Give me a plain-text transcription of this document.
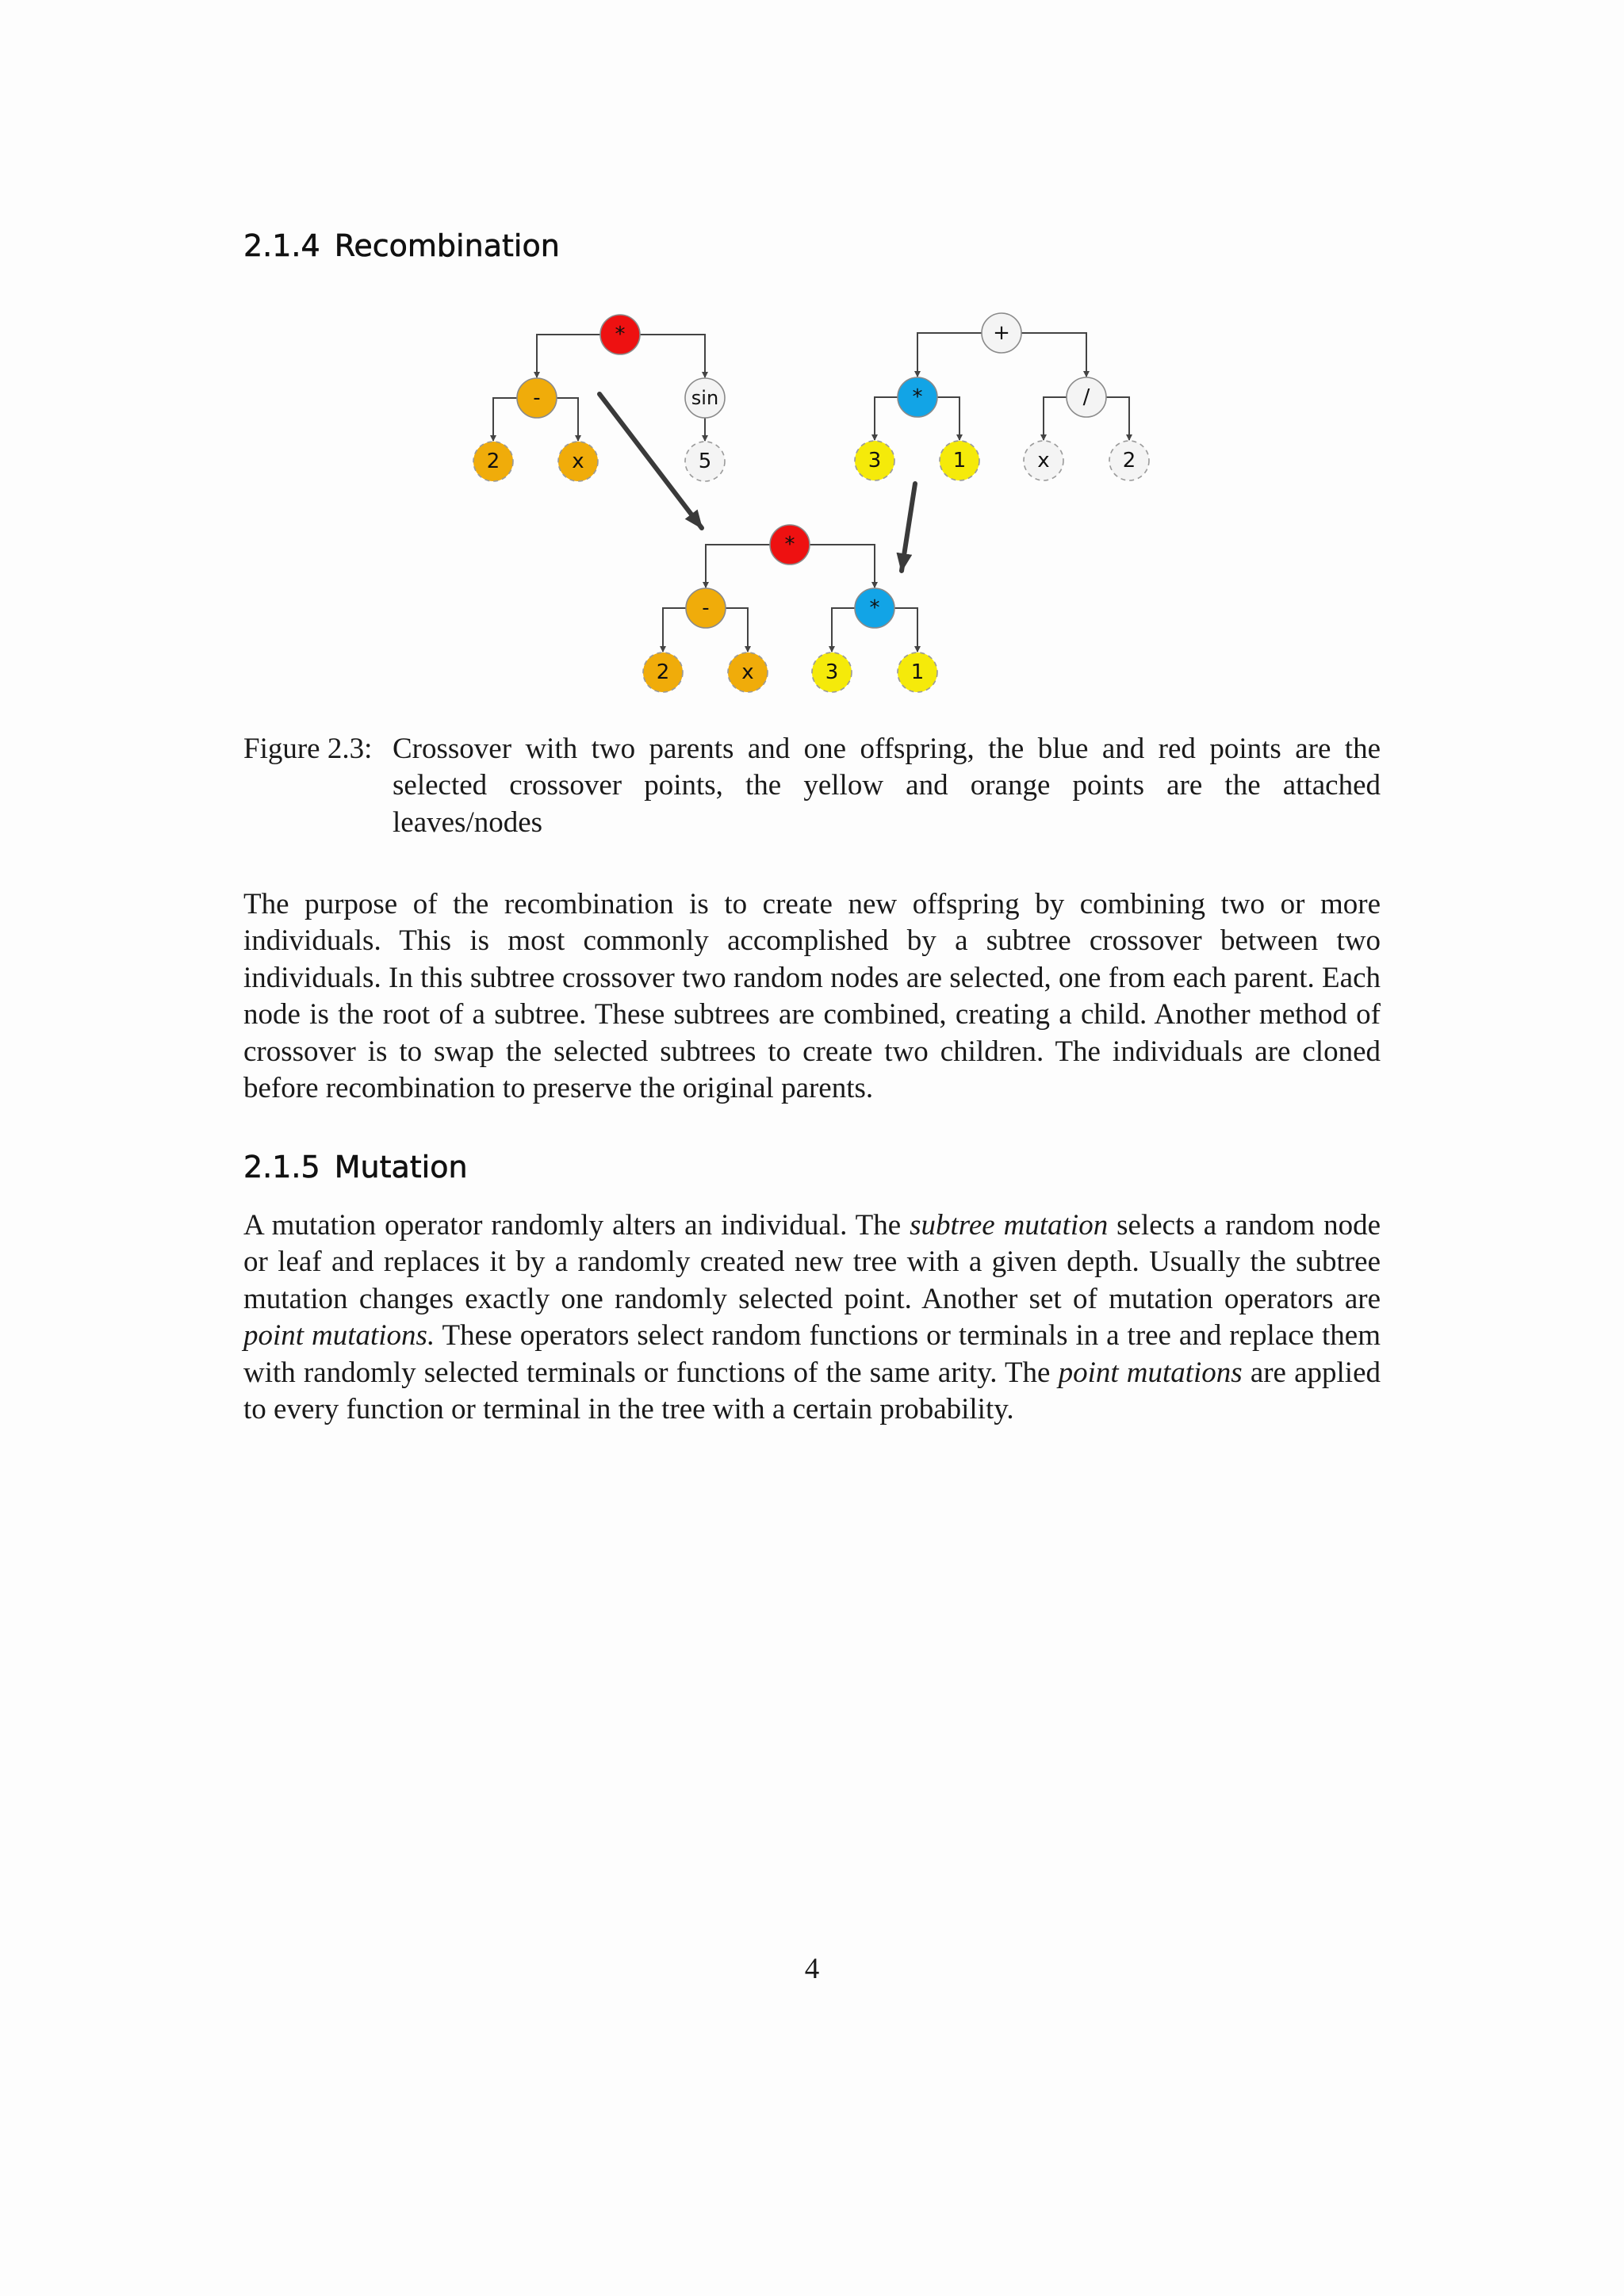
2.1.4 Recombination
*
-	sin
2	x	5
+
*	/
3	1	x	2
*
-	*
2	x	3	1
Figure 2.3: Crossover with two parents and one offspring, the blue and red points are the selected crossover points, the yellow and orange points are the attached leaves/nodes

The purpose of the recombination is to create new offspring by combining two or more individuals. This is most commonly accomplished by a subtree crossover between two individuals. In this subtree crossover two random nodes are selected, one from each parent. Each node is the root of a subtree. These subtrees are combined, creating a child. Another method of crossover is to swap the selected subtrees to create two children. The individuals are cloned before recombination to preserve the original parents.

2.1.5 Mutation

A mutation operator randomly alters an individual. The subtree mutation selects a random node or leaf and replaces it by a randomly created new tree with a given depth. Usually the subtree mutation changes exactly one randomly selected point. Another set of mutation operators are point mutations. These operators select random functions or terminals in a tree and replace them with randomly selected terminals or functions of the same arity. The point mutations are applied to every function or terminal in the tree with a certain probability.

4
